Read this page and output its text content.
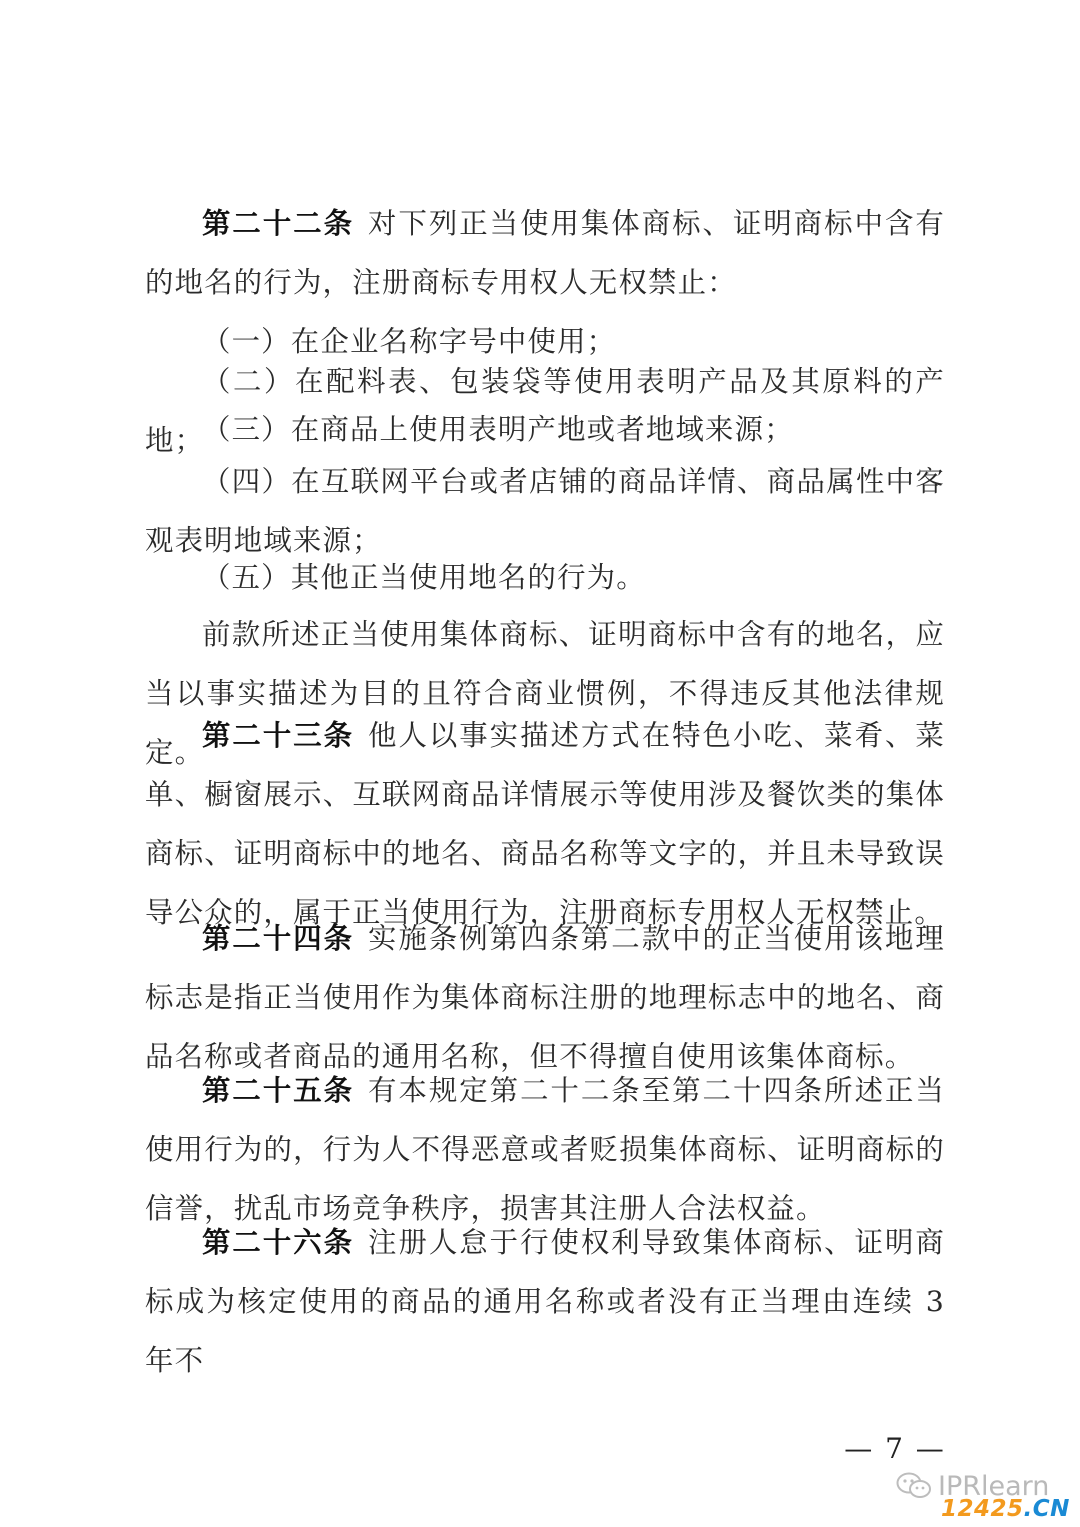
第二十二条 对下列正当使用集体商标、证明商标中含有的地名的行为，注册商标专用权人无权禁止：

（一）在企业名称字号中使用；

（二）在配料表、包装袋等使用表明产品及其原料的产地；

（三）在商品上使用表明产地或者地域来源；

（四）在互联网平台或者店铺的商品详情、商品属性中客观表明地域来源；

（五）其他正当使用地名的行为。

前款所述正当使用集体商标、证明商标中含有的地名，应当以事实描述为目的且符合商业惯例，不得违反其他法律规定。

第二十三条 他人以事实描述方式在特色小吃、菜肴、菜单、橱窗展示、互联网商品详情展示等使用涉及餐饮类的集体商标、证明商标中的地名、商品名称等文字的，并且未导致误导公众的，属于正当使用行为，注册商标专用权人无权禁止。

第二十四条 实施条例第四条第二款中的正当使用该地理标志是指正当使用作为集体商标注册的地理标志中的地名、商品名称或者商品的通用名称，但不得擅自使用该集体商标。

第二十五条 有本规定第二十二条至第二十四条所述正当使用行为的，行为人不得恶意或者贬损集体商标、证明商标的信誉，扰乱市场竞争秩序，损害其注册人合法权益。

第二十六条 注册人怠于行使权利导致集体商标、证明商标成为核定使用的商品的通用名称或者没有正当理由连续 3 年不

— 7 —
IPRlearn
12425.CN
